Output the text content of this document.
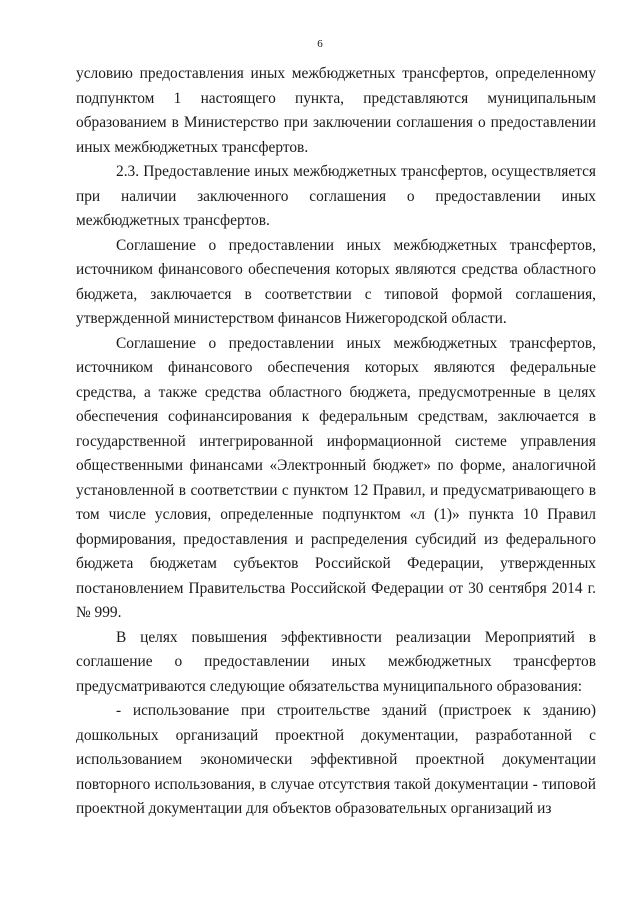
6

условию предоставления иных межбюджетных трансфертов, определенному подпунктом 1 настоящего пункта, представляются муниципальным образованием в Министерство при заключении соглашения о предоставлении иных межбюджетных трансфертов.

2.3. Предоставление иных межбюджетных трансфертов, осуществляется при наличии заключенного соглашения о предоставлении иных межбюджетных трансфертов.

Соглашение о предоставлении иных межбюджетных трансфертов, источником финансового обеспечения которых являются средства областного бюджета, заключается в соответствии с типовой формой соглашения, утвержденной министерством финансов Нижегородской области.

Соглашение о предоставлении иных межбюджетных трансфертов, источником финансового обеспечения которых являются федеральные средства, а также средства областного бюджета, предусмотренные в целях обеспечения софинансирования к федеральным средствам, заключается в государственной интегрированной информационной системе управления общественными финансами «Электронный бюджет» по форме, аналогичной установленной в соответствии с пунктом 12 Правил, и предусматривающего в том числе условия, определенные подпунктом «л (1)» пункта 10 Правил формирования, предоставления и распределения субсидий из федерального бюджета бюджетам субъектов Российской Федерации, утвержденных постановлением Правительства Российской Федерации от 30 сентября 2014 г. № 999.

В целях повышения эффективности реализации Мероприятий в соглашение о предоставлении иных межбюджетных трансфертов предусматриваются следующие обязательства муниципального образования:

- использование при строительстве зданий (пристроек к зданию) дошкольных организаций проектной документации, разработанной с использованием экономически эффективной проектной документации повторного использования, в случае отсутствия такой документации - типовой проектной документации для объектов образовательных организаций из
